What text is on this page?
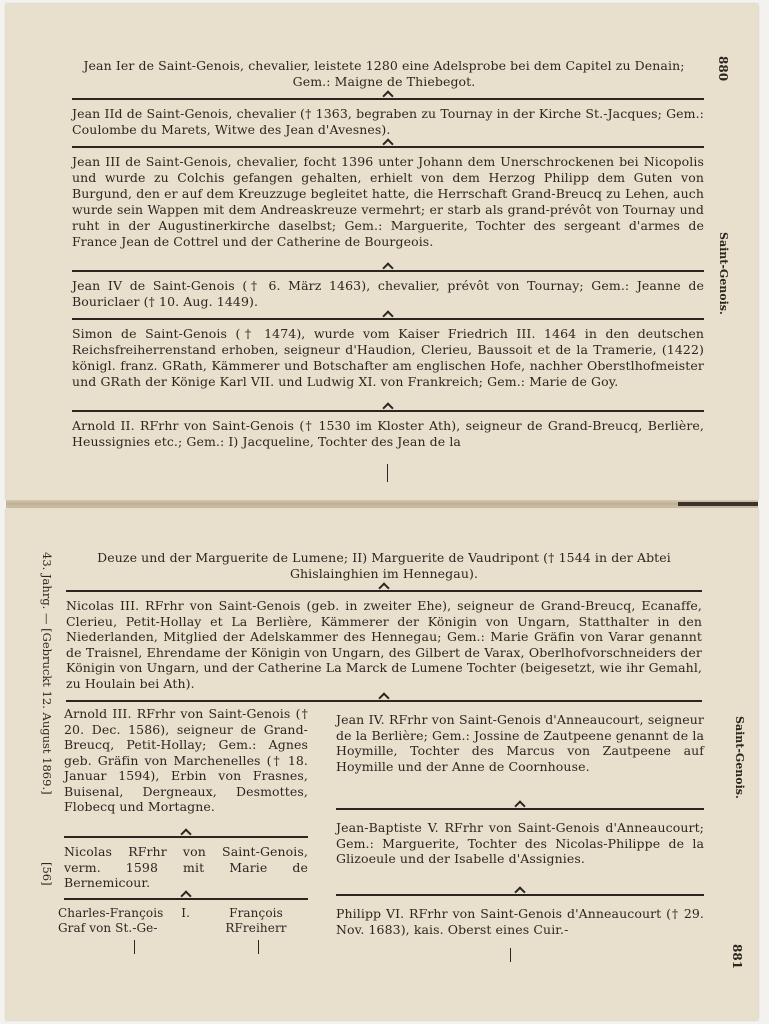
Jean Ier de Saint-Genois, chevalier, leistete 1280 eine Adelsprobe bei dem Capitel zu Denain; Gem.: Maigne de Thiebegot.
Jean IId de Saint-Genois, chevalier († 1363, begraben zu Tournay in der Kirche St.-Jacques; Gem.: Coulombe du Marets, Witwe des Jean d'Avesnes).
Jean III de Saint-Genois, chevalier, focht 1396 unter Johann dem Unerschrockenen bei Nicopolis und wurde zu Colchis gefangen gehalten, erhielt von dem Herzog Philipp dem Guten von Burgund, den er auf dem Kreuzzuge begleitet hatte, die Herrschaft Grand-Breucq zu Lehen, auch wurde sein Wappen mit dem Andreaskreuze vermehrt; er starb als grand-prévôt von Tournay und ruht in der Augustinerkirche daselbst; Gem.: Marguerite, Tochter des sergeant d'armes de France Jean de Cottrel und der Catherine de Bourgeois.
Jean IV de Saint-Genois († 6. März 1463), chevalier, prévôt von Tournay; Gem.: Jeanne de Bouriclaer († 10. Aug. 1449).
Simon de Saint-Genois († 1474), wurde vom Kaiser Friedrich III. 1464 in den deutschen Reichsfreiherrenstand erhoben, seigneur d'Haudion, Clerieu, Baussoit et de la Tramerie, (1422) königl. franz. GRath, Kämmerer und Botschafter am englischen Hofe, nachher Oberstlhofmeister und GRath der Könige Karl VII. und Ludwig XI. von Frankreich; Gem.: Marie de Goy.
Arnold II. RFrhr von Saint-Genois († 1530 im Kloster Ath), seigneur de Grand-Breucq, Berlière, Heussignies etc.; Gem.: I) Jacqueline, Tochter des Jean de la
880
Saint-Genois.
Deuze und der Marguerite de Lumene; II) Marguerite de Vaudripont († 1544 in der Abtei Ghislainghien im Hennegau).
Nicolas III. RFrhr von Saint-Genois (geb. in zweiter Ehe), seigneur de Grand-Breucq, Ecanaffe, Clerieu, Petit-Hollay et La Berlière, Kämmerer der Königin von Ungarn, Statthalter in den Niederlanden, Mitglied der Adelskammer des Hennegau; Gem.: Marie Gräfin von Varar genannt de Traisnel, Ehrendame der Königin von Ungarn, des Gilbert de Varax, Oberlhofvorschneiders der Königin von Ungarn, und der Catherine La Marck de Lumene Tochter (beigesetzt, wie ihr Gemahl, zu Houlain bei Ath).
Arnold III. RFrhr von Saint-Genois († 20. Dec. 1586), seigneur de Grand-Breucq, Petit-Hollay; Gem.: Agnes geb. Gräfin von Marchenelles († 18. Januar 1594), Erbin von Frasnes, Buisenal, Dergneaux, Desmottes, Flobecq und Mortagne.
Nicolas RFrhr von Saint-Genois, verm. 1598 mit Marie de Bernemicour.
Charles-François I. Graf von St.-Ge-
François RFreiherr
Jean IV. RFrhr von Saint-Genois d'Anneaucourt, seigneur de la Berlière; Gem.: Jossine de Zautpeene genannt de la Hoymille, Tochter des Marcus von Zautpeene auf Hoymille und der Anne de Coornhouse.
Jean-Baptiste V. RFrhr von Saint-Genois d'Anneaucourt; Gem.: Marguerite, Tochter des Nicolas-Philippe de la Glizoeule und der Isabelle d'Assignies.
Philipp VI. RFrhr von Saint-Genois d'Anneaucourt († 29. Nov. 1683), kais. Oberst eines Cuir.-
43. Jahrg. — [Gebruckt 12. August 1869.]
[56]
Saint-Genois.
881
